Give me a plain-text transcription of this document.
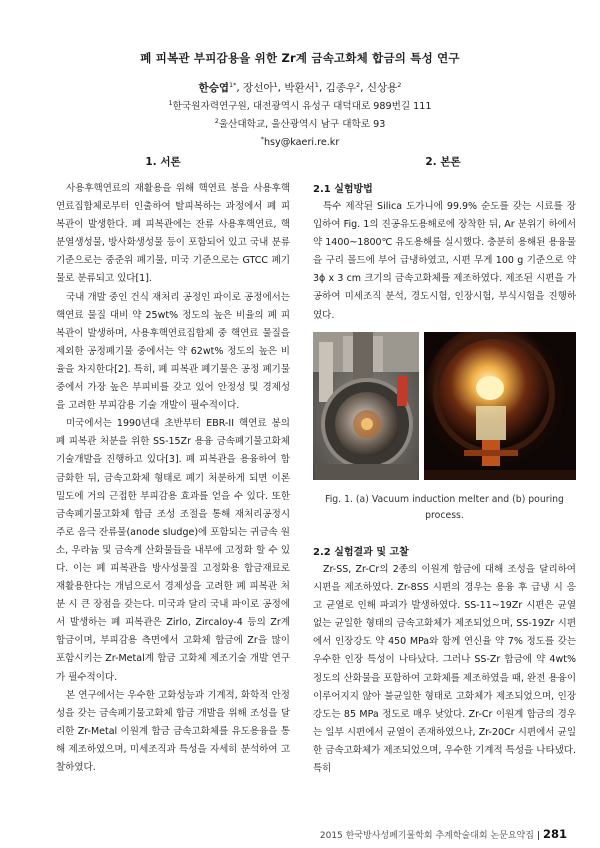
폐 피복관 부피감용을 위한 Zr계 금속고화체 합금의 특성 연구
한승엽$^{1*}$, 장선아$^1$, 박환서$^1$, 김종우$^2$, 신상용$^2$
$^1$한국원자력연구원, 대전광역시 유성구 대덕대로 989번길 111
$^2$울산대학교, 울산광역시 남구 대학로 93
*hsy@kaeri.re.kr
1. 서론

사용후핵연료의 재활용을 위해 핵연료 봉을 사용후핵연료집합체로부터 인출하여 탈피복하는 과정에서 폐 피복관이 발생한다. 폐 피복관에는 잔류 사용후핵연료, 핵분열생성물, 방사화생성물 등이 포함되어 있고 국내 분류기준으로는 중준위 폐기물, 미국 기준으로는 GTCC 폐기물로 분류되고 있다[1].

국내 개발 중인 건식 재처리 공정인 파이로 공정에서는 핵연료 물질 대비 약 25wt% 정도의 높은 비율의 폐 피복관이 발생하며, 사용후핵연료집합체 중 핵연료 물질을 제외한 공정폐기물 중에서는 약 62wt% 정도의 높은 비율을 차지한다[2]. 특히, 폐 피복관 폐기물은 공정 폐기물 중에서 가장 높은 부피비를 갖고 있어 안정성 및 경제성을 고려한 부피감용 기술 개발이 필수적이다.

미국에서는 1990년대 초반부터 EBR-II 핵연료 봉의 폐 피복관 처분을 위한 SS-15Zr 용융 금속폐기물고화체 기술개발을 진행하고 있다[3]. 폐 피복관을 용융하여 합금화한 뒤, 금속고화체 형태로 폐기 처분하게 되면 이론 밀도에 거의 근접한 부피감용 효과를 얻을 수 있다. 또한 금속폐기물고화체 합금 조성 조절을 통해 재처리공정시 주로 음극 잔류물(anode sludge)에 포함되는 귀금속 원소, 우라늄 및 금속계 산화물들을 내부에 고정화 할 수 있다. 이는 폐 피복관을 방사성물질 고정화용 합금재료로 재활용한다는 개념으로서 경제성을 고려한 폐 피복관 처분 시 큰 장점을 갖는다. 미국과 달리 국내 파이로 공정에서 발생하는 폐 피복관은 Zirlo, Zircaloy-4 등의 Zr계 합금이며, 부피감용 측면에서 고화체 합금에 Zr을 많이 포함시키는 Zr-Metal계 합금 고화체 제조기술 개발 연구가 필수적이다.

본 연구에서는 우수한 고화성능과 기계적, 화학적 안정성을 갖는 금속폐기물고화체 합금 개발을 위해 조성을 달리한 Zr-Metal 이원계 합금 금속고화체를 유도용융을 통해 제조하였으며, 미세조직과 특성을 자세히 분석하여 고찰하였다.

2. 본론
2.1 실험방법

특수 제작된 Silica 도가니에 99.9% 순도를 갖는 시료를 장입하여 Fig. 1의 진공유도용해로에 장착한 뒤, Ar 분위기 하에서 약 1400~1800℃ 유도용해를 실시했다. 충분히 용해된 용융물을 구리 몰드에 부어 급냉하였고, 시편 무게 100 g 기준으로 약 3ϕ x 3 cm 크기의 금속고화체를 제조하였다. 제조된 시편을 가공하여 미세조직 분석, 경도시험, 인장시험, 부식시험을 진행하였다.

Fig. 1. (a) Vacuum induction melter and (b) pouring process.
2.2 실험결과 및 고찰

Zr-SS, Zr-Cr의 2종의 이원계 합금에 대해 조성을 달리하여 시편을 제조하였다. Zr-8SS 시편의 경우는 용융 후 급냉 시 응고 균열로 인해 파괴가 발생하였다. SS-11~19Zr 시편은 균열없는 균일한 형태의 금속고화체가 제조되었으며, SS-19Zr 시편에서 인장강도 약 450 MPa와 함께 연신율 약 7% 정도를 갖는 우수한 인장 특성이 나타났다. 그러나 SS-Zr 합금에 약 4wt% 정도의 산화물을 포함하여 고화체를 제조하였을 때, 완전 용융이 이루어지지 않아 불균일한 형태로 고화체가 제조되었으며, 인장강도는 85 MPa 정도로 매우 낮았다. Zr-Cr 이원계 합금의 경우는 일부 시편에서 균열이 존재하였으나, Zr-20Cr 시편에서 균일한 금속고화체가 제조되었으며, 우수한 기계적 특성을 나타냈다. 특히

2015 한국방사성폐기물학회 추계학술대회 논문요약집 | 281
